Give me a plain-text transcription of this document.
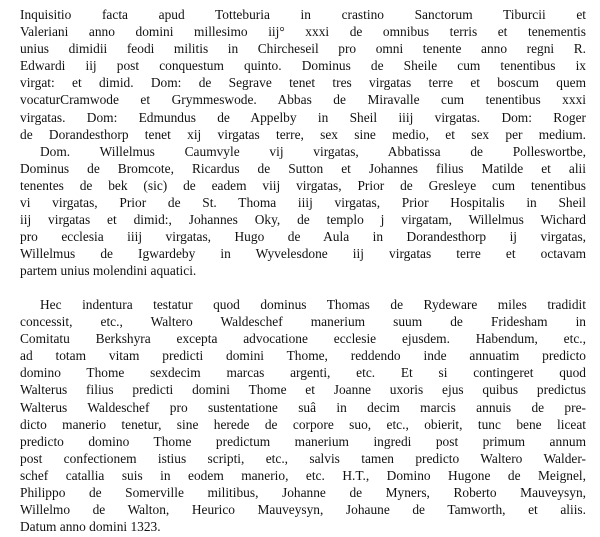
Inquisitio facta apud Totteburia in crastino Sanctorum Tiburcii et
Valeriani anno domini millesimo iij° xxxi de omnibus terris et tenementis
unius dimidii feodi militis in Chircheseil pro omni tenente anno regni R.
Edwardi iij post conquestum quinto. Dominus de Sheile cum tenentibus ix
virgat: et dimid. Dom: de Segrave tenet tres virgatas terre et boscum quem
vocaturCramwode et Grymmeswode. Abbas de Miravalle cum tenentibus xxxi
virgatas. Dom: Edmundus de Appelby in Sheil iiij virgatas. Dom: Roger
de Dorandesthorp tenet xij virgatas terre, sex sine medio, et sex per medium.
Dom. Willelmus Caumvyle vij virgatas, Abbatissa de Polleswortbe,
Dominus de Bromcote, Ricardus de Sutton et Johannes filius Matilde et alii
tenentes de bek (sic) de eadem viij virgatas, Prior de Gresleye cum tenentibus
vi virgatas, Prior de St. Thoma iiij virgatas, Prior Hospitalis in Sheil
iij virgatas et dimid:, Johannes Oky, de templo j virgatam, Willelmus Wichard
pro ecclesia iiij virgatas, Hugo de Aula in Dorandesthorp ij virgatas,
Willelmus de Igwardeby in Wyvelesdone iij virgatas terre et octavam
partem unius molendini aquatici.
Hec indentura testatur quod dominus Thomas de Rydeware miles tradidit
concessit, etc., Waltero Waldeschef manerium suum de Fridesham in
Comitatu Berkshyra excepta advocatione ecclesie ejusdem. Habendum, etc.,
ad totam vitam predicti domini Thome, reddendo inde annuatim predicto
domino Thome sexdecim marcas argenti, etc. Et si contingeret quod
Walterus filius predicti domini Thome et Joanne uxoris ejus quibus predictus
Walterus Waldeschef pro sustentatione suâ in decim marcis annuis de pre-
dicto manerio tenetur, sine herede de corpore suo, etc., obierit, tunc bene liceat
predicto domino Thome predictum manerium ingredi post primum annum
post confectionem istius scripti, etc., salvis tamen predicto Waltero Walder-
schef catallia suis in eodem manerio, etc. H.T., Domino Hugone de Meignel,
Philippo de Somerville militibus, Johanne de Myners, Roberto Mauveysyn,
Willelmo de Walton, Heurico Mauveysyn, Johaune de Tamworth, et aliis.
Datum anno domini 1323.
